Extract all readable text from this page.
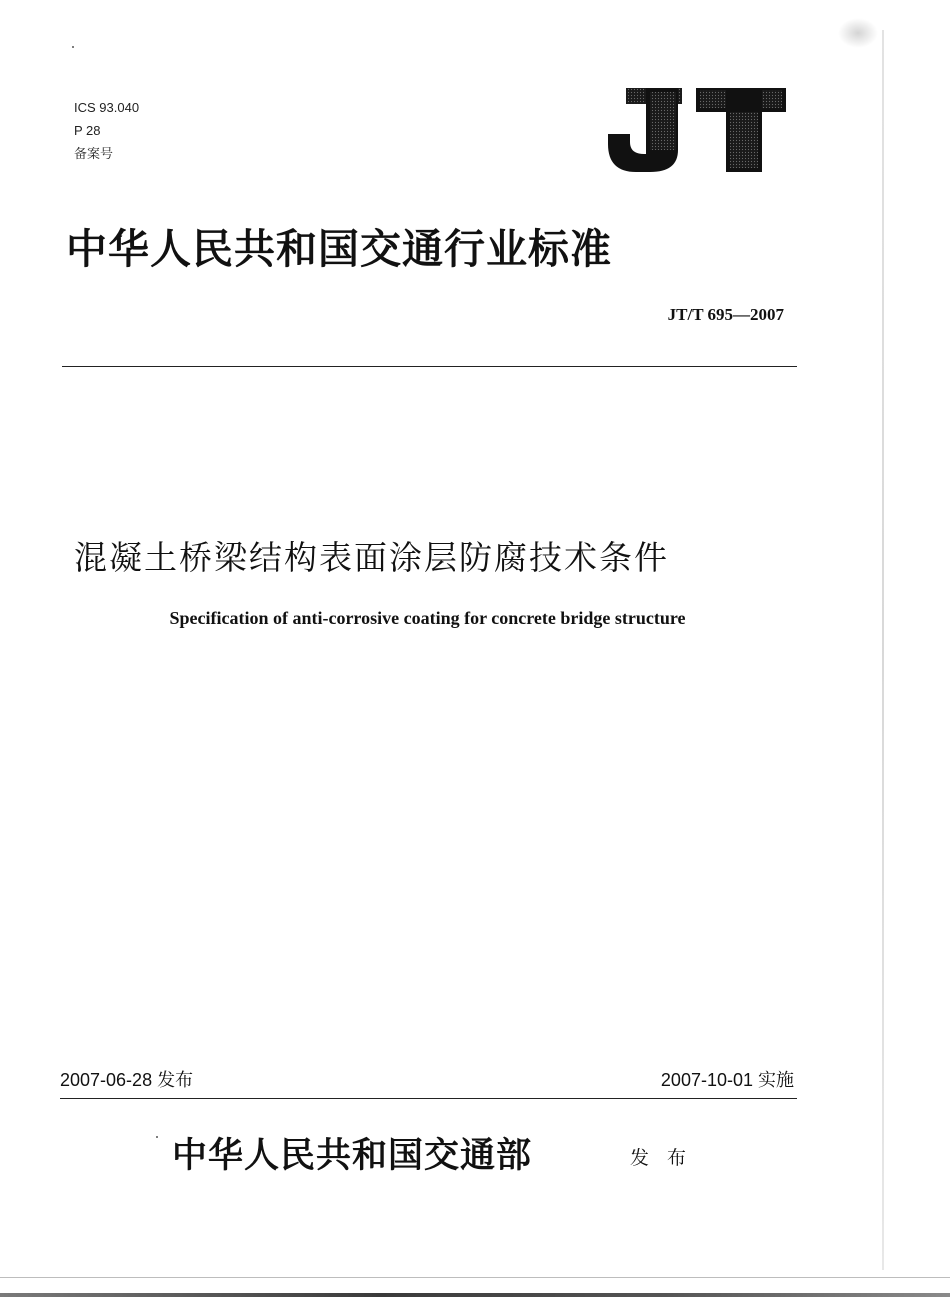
ICS 93.040
P 28
备案号
中华人民共和国交通行业标准
JT/T 695—2007
混凝土桥梁结构表面涂层防腐技术条件
Specification of anti-corrosive coating for concrete bridge structure
2007-06-28 发布	2007-10-01 实施
中华人民共和国交通部	发 布
